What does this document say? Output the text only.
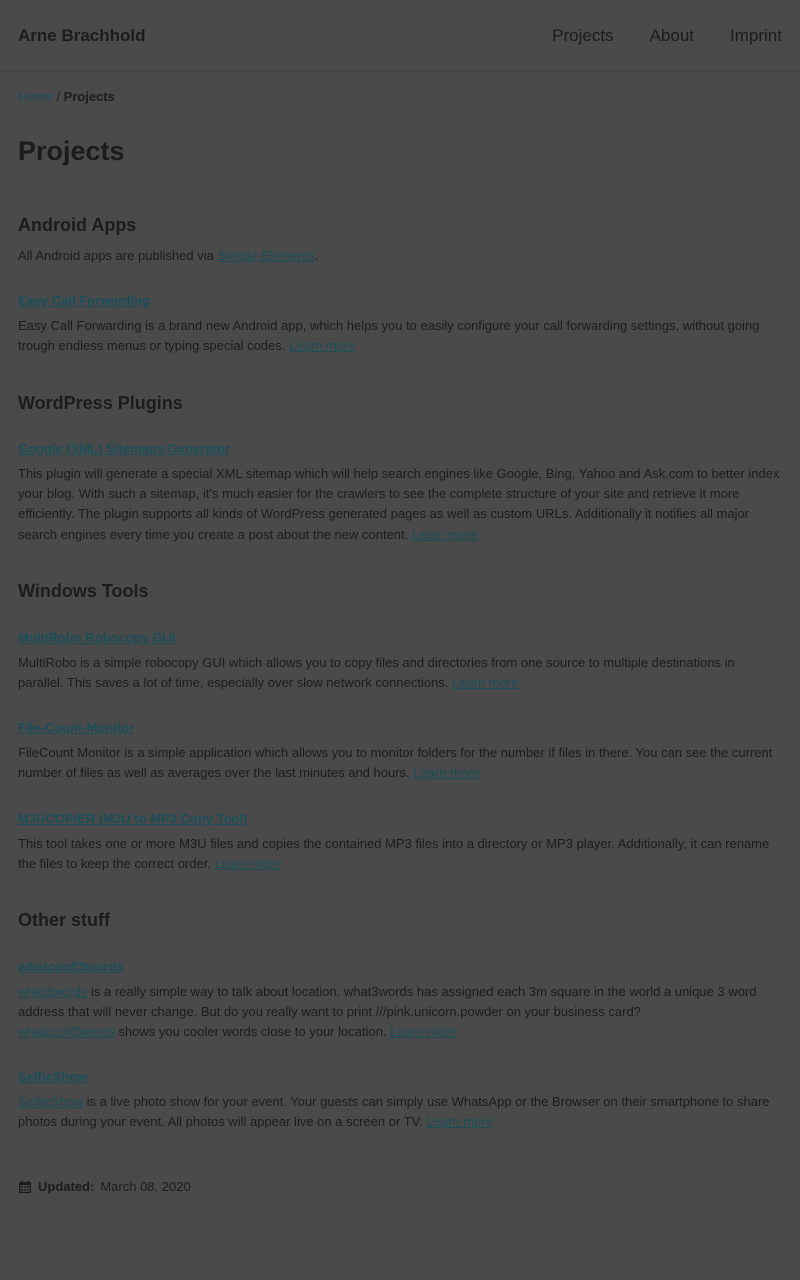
Arne Brachhold	Projects About Imprint
Home / Projects
Projects
Android Apps

All Android apps are published via Simple Elements.

Easy Call Forwarding

Easy Call Forwarding is a brand new Android app, which helps you to easily configure your call forwarding settings, without going trough endless menus or typing special codes. Learn more

WordPress Plugins
Google (XML) Sitemaps Generator

This plugin will generate a special XML sitemap which will help search engines like Google, Bing, Yahoo and Ask.com to better index your blog. With such a sitemap, it's much easier for the crawlers to see the complete structure of your site and retrieve it more efficiently. The plugin supports all kinds of WordPress generated pages as well as custom URLs. Additionally it notifies all major search engines every time you create a post about the new content. Learn more

Windows Tools
MultiRobo Robocopy GUI

MultiRobo is a simple robocopy GUI which allows you to copy files and directories from one source to multiple destinations in parallel. This saves a lot of time, especially over slow network connections. Learn more

File-Count-Monitor

FileCount Monitor is a simple application which allows you to monitor folders for the number if files in there. You can see the current number of files as well as averages over the last minutes and hours. Learn more

M3UCOPiER (M3U to MP3 Copy Tool)

This tool takes one or more M3U files and copies the contained MP3 files into a directory or MP3 player. Additionally, it can rename the files to keep the correct order. Learn more

Other stuff
whatcool/3words

what3words is a really simple way to talk about location. what3words has assigned each 3m square in the world a unique 3 word address that will never change. But do you really want to print ///pink.unicorn.powder on your business card?
whatcool/3words shows you cooler words close to your location. Learn more

SelfieShow

SelfieShow is a live photo show for your event. Your guests can simply use WhatsApp or the Browser on their smartphone to share photos during your event. All photos will appear live on a screen or TV. Learn more

Updated: March 08, 2020
